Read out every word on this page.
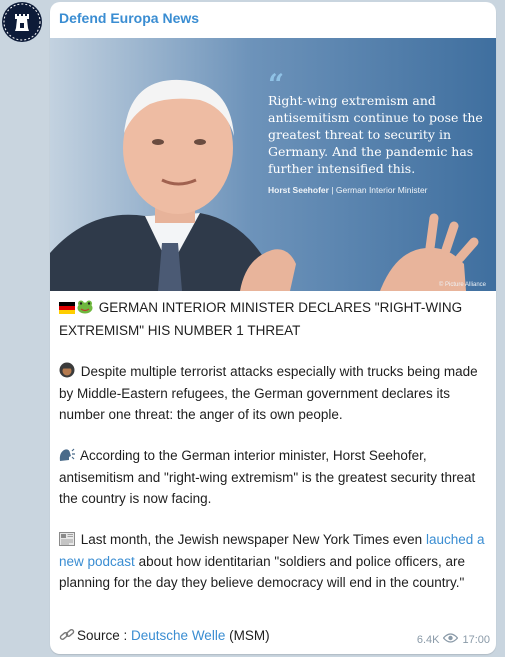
Defend Europa News
“
Right-wing extremism and
antisemitism continue to pose the
greatest threat to security in
Germany. And the pandemic has
further intensified this.
Horst Seehofer | German Interior Minister
© Picture Alliance

GERMAN INTERIOR MINISTER DECLARES "RIGHT-WING EXTREMISM" HIS NUMBER 1 THREAT

Despite multiple terrorist attacks especially with trucks being made by Middle-Eastern refugees, the German government declares its number one threat: the anger of its own people.

According to the German interior minister, Horst Seehofer, antisemitism and "right-wing extremism" is the greatest security threat the country is now facing.

Last month, the Jewish newspaper New York Times even lauched a new podcast about how identitarian "soldiers and police officers, are planning for the day they believe democracy will end in the country."

Source : Deutsche Welle (MSM)	6.4K 17:00
